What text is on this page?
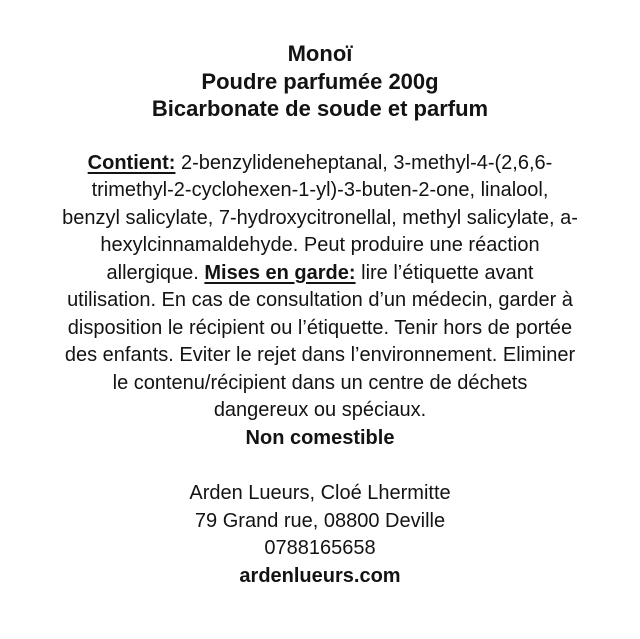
Monoï
Poudre parfumée 200g
Bicarbonate de soude et parfum
Contient: 2-benzylideneheptanal, 3-methyl-4-(2,6,6-
trimethyl-2-cyclohexen-1-yl)-3-buten-2-one, linalool,
benzyl salicylate, 7-hydroxycitronellal, methyl salicylate, a-
hexylcinnamaldehyde. Peut produire une réaction
allergique. Mises en garde: lire l’étiquette avant
utilisation. En cas de consultation d’un médecin, garder à
disposition le récipient ou l’étiquette. Tenir hors de portée
des enfants. Eviter le rejet dans l’environnement. Eliminer
le contenu/récipient dans un centre de déchets
dangereux ou spéciaux.
Non comestible
Arden Lueurs, Cloé Lhermitte
79 Grand rue, 08800 Deville
0788165658
ardenlueurs.com
